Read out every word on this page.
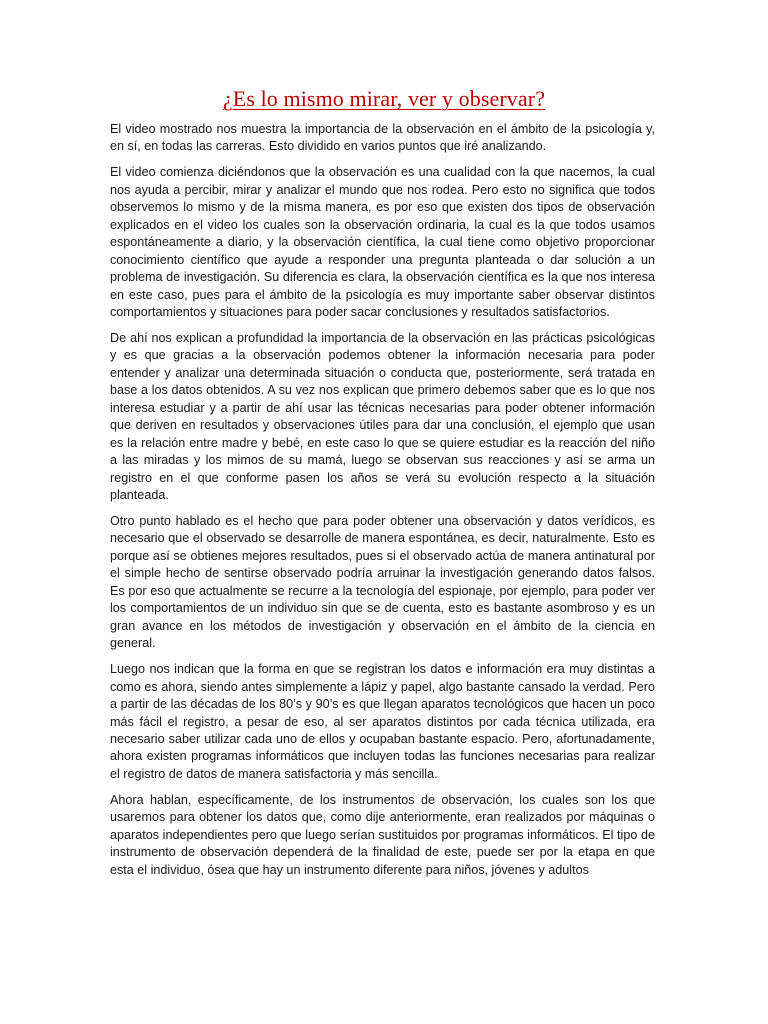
¿Es lo mismo mirar, ver y observar?

El video mostrado nos muestra la importancia de la observación en el ámbito de la psicología y, en sí, en todas las carreras. Esto dividido en varios puntos que iré analizando.

El video comienza diciéndonos que la observación es una cualidad con la que nacemos, la cual nos ayuda a percibir, mirar y analizar el mundo que nos rodea. Pero esto no significa que todos observemos lo mismo y de la misma manera, es por eso que existen dos tipos de observación explicados en el video los cuales son la observación ordinaria, la cual es la que todos usamos espontáneamente a diario, y la observación científica, la cual tiene como objetivo proporcionar conocimiento científico que ayude a responder una pregunta planteada o dar solución a un problema de investigación. Su diferencia es clara, la observación científica es la que nos interesa en este caso, pues para el ámbito de la psicología es muy importante saber observar distintos comportamientos y situaciones para poder sacar conclusiones y resultados satisfactorios.

De ahí nos explican a profundidad la importancia de la observación en las prácticas psicológicas y es que gracias a la observación podemos obtener la información necesaria para poder entender y analizar una determinada situación o conducta que, posteriormente, será tratada en base a los datos obtenidos. A su vez nos explican que primero debemos saber que es lo que nos interesa estudiar y a partir de ahí usar las técnicas necesarias para poder obtener información que deriven en resultados y observaciones útiles para dar una conclusión, el ejemplo que usan es la relación entre madre y bebé, en este caso lo que se quiere estudiar es la reacción del niño a las miradas y los mimos de su mamá, luego se observan sus reacciones y así se arma un registro en el que conforme pasen los años se verá su evolución respecto a la situación planteada.

Otro punto hablado es el hecho que para poder obtener una observación y datos verídicos, es necesario que el observado se desarrolle de manera espontánea, es decir, naturalmente. Esto es porque así se obtienes mejores resultados, pues si el observado actúa de manera antinatural por el simple hecho de sentirse observado podría arruinar la investigación generando datos falsos. Es por eso que actualmente se recurre a la tecnología del espionaje, por ejemplo, para poder ver los comportamientos de un individuo sin que se de cuenta, esto es bastante asombroso y es un gran avance en los métodos de investigación y observación en el ámbito de la ciencia en general.

Luego nos indican que la forma en que se registran los datos e información era muy distintas a como es ahora, siendo antes simplemente a lápiz y papel, algo bastante cansado la verdad. Pero a partir de las décadas de los 80’s y 90’s es que llegan aparatos tecnológicos que hacen un poco más fácil el registro, a pesar de eso, al ser aparatos distintos por cada técnica utilizada, era necesario saber utilizar cada uno de ellos y ocupaban bastante espacio. Pero, afortunadamente, ahora existen programas informáticos que incluyen todas las funciones necesarias para realizar el registro de datos de manera satisfactoria y más sencilla.

Ahora hablan, específicamente, de los instrumentos de observación, los cuales son los que usaremos para obtener los datos que, como dije anteriormente, eran realizados por máquinas o aparatos independientes pero que luego serían sustituidos por programas informáticos. El tipo de instrumento de observación dependerá de la finalidad de este, puede ser por la etapa en que esta el individuo, ósea que hay un instrumento diferente para niños, jóvenes y adultos
